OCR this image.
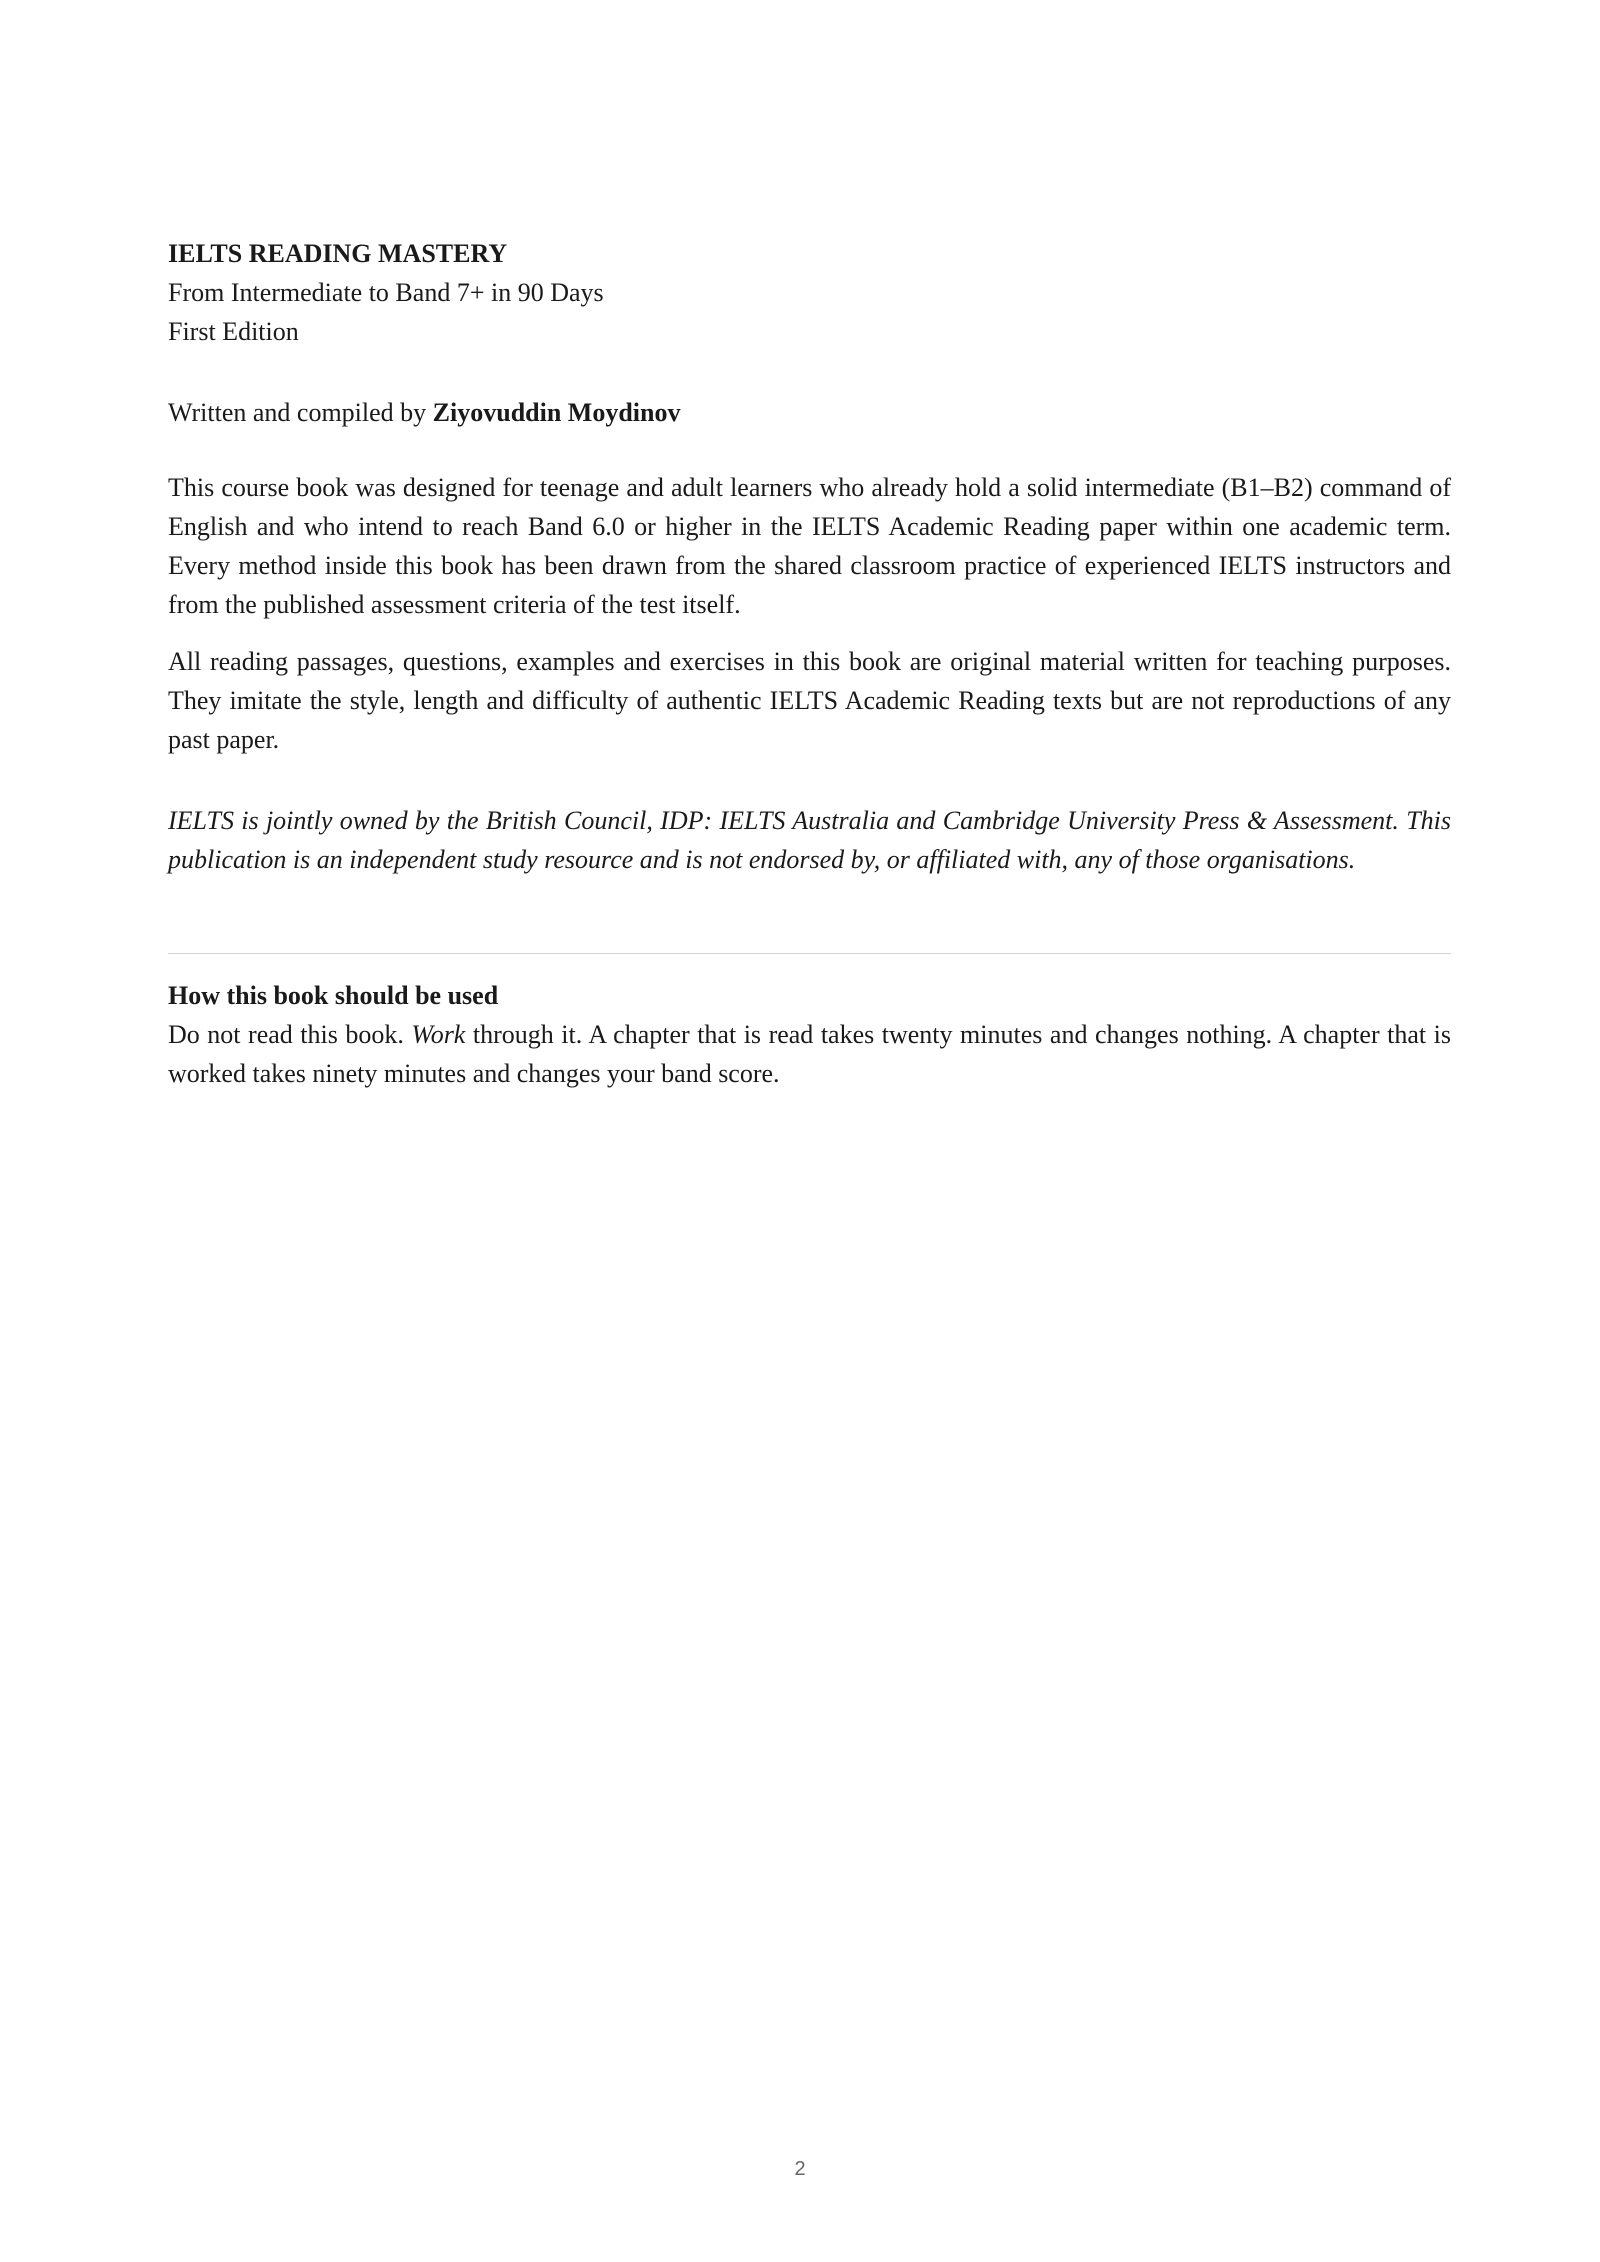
IELTS READING MASTERY

From Intermediate to Band 7+ in 90 Days

First Edition

Written and compiled by Ziyovuddin Moydinov

This course book was designed for teenage and adult learners who already hold a solid intermediate (B1–B2) command of English and who intend to reach Band 6.0 or higher in the IELTS Academic Reading paper within one academic term. Every method inside this book has been drawn from the shared classroom practice of experienced IELTS instructors and from the published assessment criteria of the test itself.

All reading passages, questions, examples and exercises in this book are original material written for teaching purposes. They imitate the style, length and difficulty of authentic IELTS Academic Reading texts but are not reproductions of any past paper.

IELTS is jointly owned by the British Council, IDP: IELTS Australia and Cambridge University Press & Assessment. This publication is an independent study resource and is not endorsed by, or affiliated with, any of those organisations.

How this book should be used

Do not read this book. Work through it. A chapter that is read takes twenty minutes and changes nothing. A chapter that is worked takes ninety minutes and changes your band score.

2
